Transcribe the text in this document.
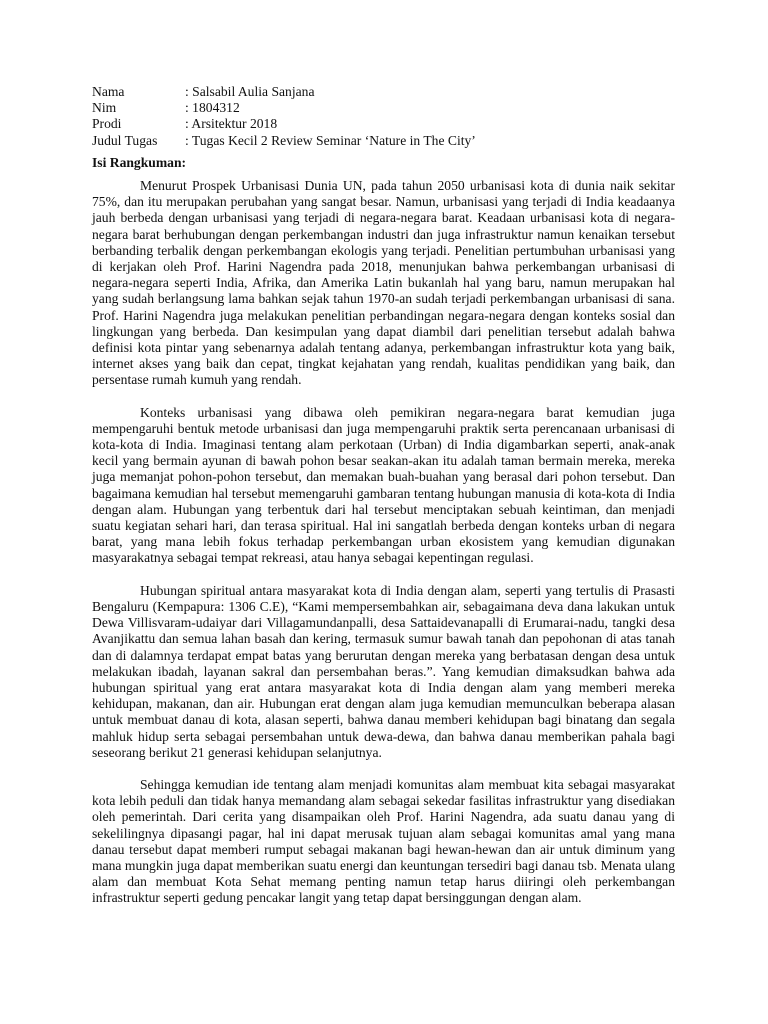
Nama	: Salsabil Aulia Sanjana
Nim	: 1804312
Prodi	: Arsitektur 2018
Judul Tugas	: Tugas Kecil 2 Review Seminar ‘Nature in The City’
Isi Rangkuman:

Menurut Prospek Urbanisasi Dunia UN, pada tahun 2050 urbanisasi kota di dunia naik sekitar 75%, dan itu merupakan perubahan yang sangat besar. Namun, urbanisasi yang terjadi di India keadaanya jauh berbeda dengan urbanisasi yang terjadi di negara-negara barat. Keadaan urbanisasi kota di negara-negara barat berhubungan dengan perkembangan industri dan juga infrastruktur namun kenaikan tersebut berbanding terbalik dengan perkembangan ekologis yang terjadi. Penelitian pertumbuhan urbanisasi yang di kerjakan oleh Prof. Harini Nagendra pada 2018, menunjukan bahwa perkembangan urbanisasi di negara-negara seperti India, Afrika, dan Amerika Latin bukanlah hal yang baru, namun merupakan hal yang sudah berlangsung lama bahkan sejak tahun 1970-an sudah terjadi perkembangan urbanisasi di sana. Prof. Harini Nagendra juga melakukan penelitian perbandingan negara-negara dengan konteks sosial dan lingkungan yang berbeda. Dan kesimpulan yang dapat diambil dari penelitian tersebut adalah bahwa definisi kota pintar yang sebenarnya adalah tentang adanya, perkembangan infrastruktur kota yang baik, internet akses yang baik dan cepat, tingkat kejahatan yang rendah, kualitas pendidikan yang baik, dan persentase rumah kumuh yang rendah.

Konteks urbanisasi yang dibawa oleh pemikiran negara-negara barat kemudian juga mempengaruhi bentuk metode urbanisasi dan juga mempengaruhi praktik serta perencanaan urbanisasi di kota-kota di India. Imaginasi tentang alam perkotaan (Urban) di India digambarkan seperti, anak-anak kecil yang bermain ayunan di bawah pohon besar seakan-akan itu adalah taman bermain mereka, mereka juga memanjat pohon-pohon tersebut, dan memakan buah-buahan yang berasal dari pohon tersebut. Dan bagaimana kemudian hal tersebut memengaruhi gambaran tentang hubungan manusia di kota-kota di India dengan alam. Hubungan yang terbentuk dari hal tersebut menciptakan sebuah keintiman, dan menjadi suatu kegiatan sehari hari, dan terasa spiritual. Hal ini sangatlah berbeda dengan konteks urban di negara barat, yang mana lebih fokus terhadap perkembangan urban ekosistem yang kemudian digunakan masyarakatnya sebagai tempat rekreasi, atau hanya sebagai kepentingan regulasi.

Hubungan spiritual antara masyarakat kota di India dengan alam, seperti yang tertulis di Prasasti Bengaluru (Kempapura: 1306 C.E), “Kami mempersembahkan air, sebagaimana deva dana lakukan untuk Dewa Villisvaram-udaiyar dari Villagamundanpalli, desa Sattaidevanapalli di Erumarai-nadu, tangki desa Avanjikattu dan semua lahan basah dan kering, termasuk sumur bawah tanah dan pepohonan di atas tanah dan di dalamnya terdapat empat batas yang berurutan dengan mereka yang berbatasan dengan desa untuk melakukan ibadah, layanan sakral dan persembahan beras.”. Yang kemudian dimaksudkan bahwa ada hubungan spiritual yang erat antara masyarakat kota di India dengan alam yang memberi mereka kehidupan, makanan, dan air. Hubungan erat dengan alam juga kemudian memunculkan beberapa alasan untuk membuat danau di kota, alasan seperti, bahwa danau memberi kehidupan bagi binatang dan segala mahluk hidup serta sebagai persembahan untuk dewa-dewa, dan bahwa danau memberikan pahala bagi seseorang berikut 21 generasi kehidupan selanjutnya.

Sehingga kemudian ide tentang alam menjadi komunitas alam membuat kita sebagai masyarakat kota lebih peduli dan tidak hanya memandang alam sebagai sekedar fasilitas infrastruktur yang disediakan oleh pemerintah. Dari cerita yang disampaikan oleh Prof. Harini Nagendra, ada suatu danau yang di sekelilingnya dipasangi pagar, hal ini dapat merusak tujuan alam sebagai komunitas amal yang mana danau tersebut dapat memberi rumput sebagai makanan bagi hewan-hewan dan air untuk diminum yang mana mungkin juga dapat memberikan suatu energi dan keuntungan tersediri bagi danau tsb. Menata ulang alam dan membuat Kota Sehat memang penting namun tetap harus diiringi oleh perkembangan infrastruktur seperti gedung pencakar langit yang tetap dapat bersinggungan dengan alam.
